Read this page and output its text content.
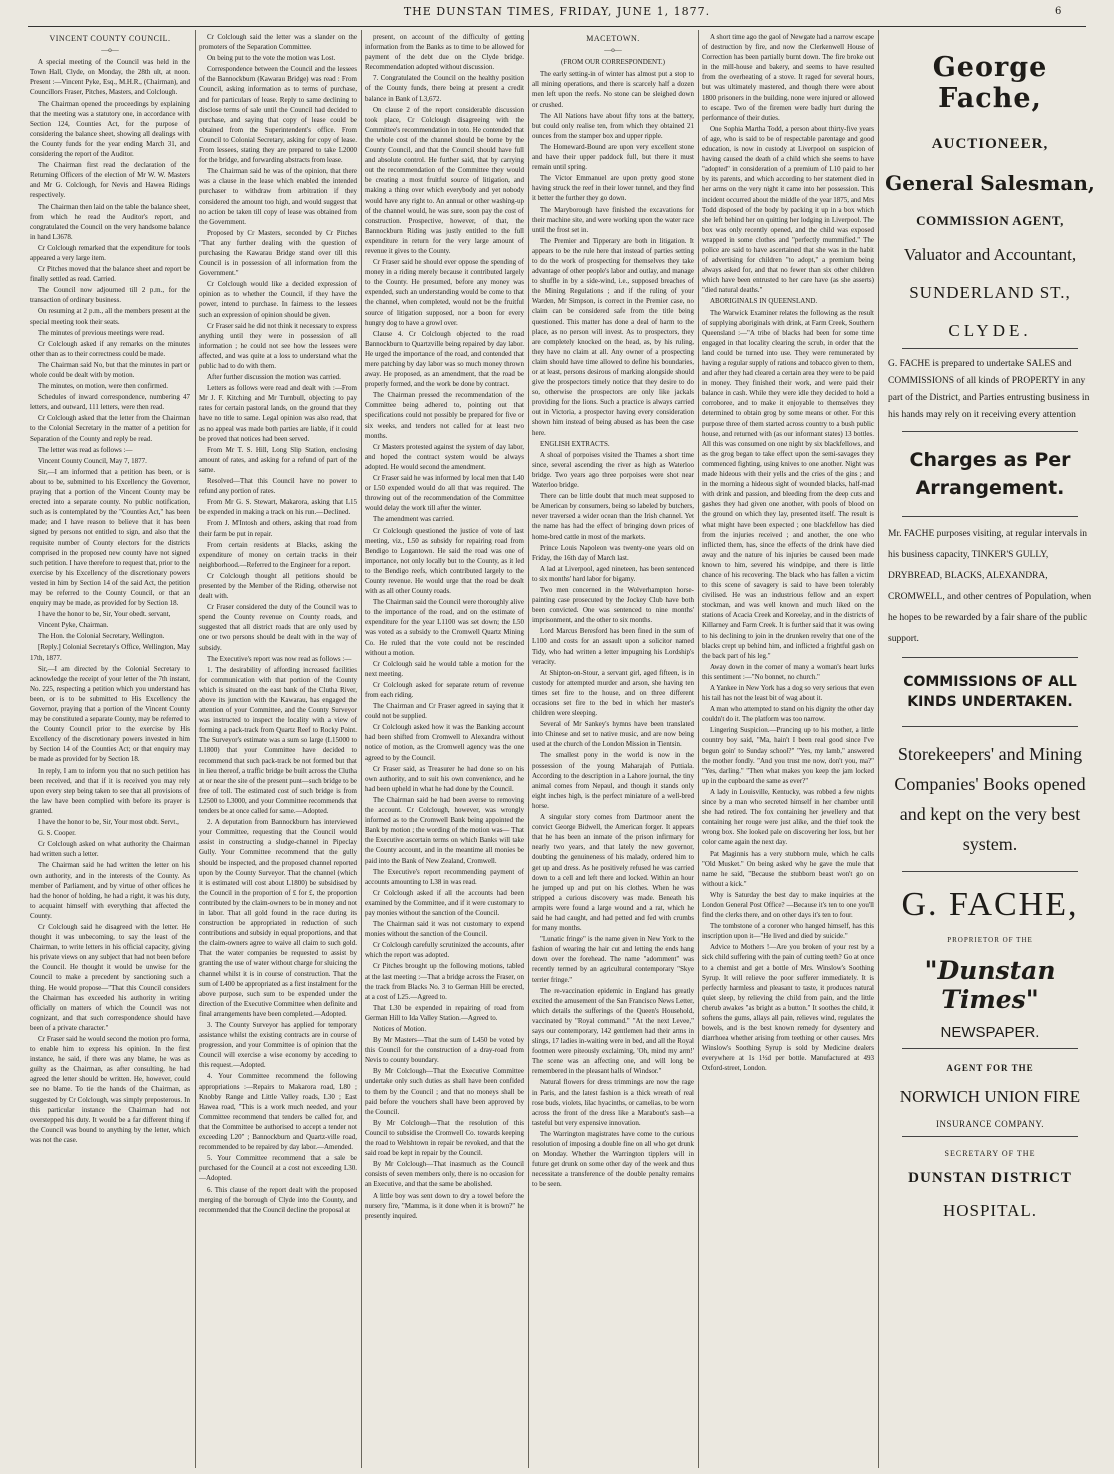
THE DUNSTAN TIMES, FRIDAY, JUNE 1, 1877.	6
VINCENT COUNTY COUNCIL.
—o—

A special meeting of the Council was held in the Town Hall, Clyde, on Monday, the 28th ult, at noon. Present :—Vincent Pyke, Esq., M.H.R., (Chairman), and Councillors Fraser, Pitches, Masters, and Colclough.

The Chairman opened the proceedings by explaining that the meeting was a statutory one, in accordance with Section 124, Counties Act, for the purpose of considering the balance sheet, showing all dealings with the County funds for the year ending March 31, and considering the report of the Auditor.

The Chairman first read the declaration of the Returning Officers of the election of Mr W. W. Masters and Mr G. Colclough, for Nevis and Hawea Ridings respectively.

The Chairman then laid on the table the balance sheet, from which he read the Auditor's report, and congratulated the Council on the very handsome balance in hand L3678.

Cr Colclough remarked that the expenditure for tools appeared a very large item.

Cr Pitches moved that the balance sheet and report be finally settled as read. Carried.

The Council now adjourned till 2 p.m., for the transaction of ordinary business.

On resuming at 2 p.m., all the members present at the special meeting took their seats.

The minutes of previous meetings were read.

Cr Colclough asked if any remarks on the minutes other than as to their correctness could be made.

The Chairman said No, but that the minutes in part or whole could be dealt with by motion.

The minutes, on motion, were then confirmed.

Schedules of inward correspondence, numbering 47 letters, and outward, 111 letters, were then read.

Cr Colclough asked that the letter from the Chairman to the Colonial Secretary in the matter of a petition for Separation of the County and reply be read.

The letter was read as follows :—

Vincent County Council, May 7, 1877.

Sir,—I am informed that a petition has been, or is about to be, submitted to his Excellency the Governor, praying that a portion of the Vincent County may be erected into a separate county. No public notification, such as is contemplated by the "Counties Act," has been made; and I have reason to believe that it has been signed by persons not entitled to sign, and also that the requisite number of County electors for the districts comprised in the proposed new county have not signed such petition. I have therefore to request that, prior to the exercise by his Excellency of the discretionary powers vested in him by Section 14 of the said Act, the petition may be referred to the County Council, or that an enquiry may be made, as provided for by Section 18.

I have the honor to be, Sir, Your obedt. servant,

Vincent Pyke, Chairman.

The Hon. the Colonial Secretary, Wellington.

[Reply.] Colonial Secretary's Office, Wellington, May 17th, 1877.

Sir,—I am directed by the Colonial Secretary to acknowledge the receipt of your letter of the 7th instant, No. 225, respecting a petition which you understand has been, or is to be submitted to His Excellency the Governor, praying that a portion of the Vincent County may be constituted a separate County, may be referred to the County Council prior to the exercise by His Excellency of the discretionary powers invested in him by Section 14 of the Counties Act; or that enquiry may be made as provided for by Section 18.

In reply, I am to inform you that no such petition has been received, and that if it is received you may rely upon every step being taken to see that all provisions of the law have been complied with before its prayer is granted.

I have the honor to be, Sir, Your most obdt. Servt.,

G. S. Cooper.

Cr Colclough asked on what authority the Chairman had written such a letter.

The Chairman said he had written the letter on his own authority, and in the interests of the County. As member of Parliament, and by virtue of other offices he had the honor of holding, he had a right, it was his duty, to acquaint himself with everything that affected the County.

Cr Colclough said he disagreed with the letter. He thought it was unbecoming, to say the least of the Chairman, to write letters in his official capacity, giving his private views on any subject that had not been before the Council. He thought it would be unwise for the Council to make a precedent by sanctioning such a thing. He would propose—"That this Council considers the Chairman has exceeded his authority in writing officially on matters of which the Council was not cognizant, and that such correspondence should have been of a private character."

Cr Fraser said he would second the motion pro forma, to enable him to express his opinion. In the first instance, he said, if there was any blame, he was as guilty as the Chairman, as after consulting, he had agreed the letter should be written. He, however, could see no blame. To tie the hands of the Chairman, as suggested by Cr Colclough, was simply preposterous. In this particular instance the Chairman had not overstepped his duty. It would be a far different thing if the Council was bound to anything by the letter, which was not the case.

Cr Colclough said the letter was a slander on the promoters of the Separation Committee.

On being put to the vote the motion was Lost.

Correspondence between the Council and the lessees of the Bannockburn (Kawarau Bridge) was read : From Council, asking information as to terms of purchase, and for particulars of lease. Reply to same declining to disclose terms of sale until the Council had decided to purchase, and saying that copy of lease could be obtained from the Superintendent's office. From Council to Colonial Secretary, asking for copy of lease. From lessees, stating they are prepared to take L2000 for the bridge, and forwarding abstracts from lease.

The Chairman said he was of the opinion, that there was a clause in the lease which enabled the intended purchaser to withdraw from arbitration if they considered the amount too high, and would suggest that no action be taken till copy of lease was obtained from the Government.

Proposed by Cr Masters, seconded by Cr Pitches "That any further dealing with the question of purchasing the Kawarau Bridge stand over till this Council is in possession of all information from the Government."

Cr Colclough would like a decided expression of opinion as to whether the Council, if they have the power, intend to purchase. In fairness to the lessees such an expression of opinion should be given.

Cr Fraser said he did not think it necessary to express anything until they were in possession of all information ; he could not see how the lessees were affected, and was quite at a loss to understand what the public had to do with them.

After further discussion the motion was carried.

Letters as follows were read and dealt with :—From Mr J. F. Kitching and Mr Turnbull, objecting to pay rates for certain pastoral lands, on the ground that they have no title to same. Legal opinion was also read, that as no appeal was made both parties are liable, if it could be proved that notices had been served.

From Mr T. S. Hill, Long Slip Station, enclosing amount of rates, and asking for a refund of part of the same.

Resolved—That this Council have no power to refund any portion of rates.

From Mr G. S. Stewart, Makarora, asking that L15 be expended in making a track on his run.—Declined.

From J. M'Intosh and others, asking that road from their farm be put in repair.

From certain residents at Blacks, asking the expenditure of money on certain tracks in their neighborhood.—Referred to the Engineer for a report.

Cr Colclough thought all petitions should be presented by the Member of the Riding, otherwise not dealt with.

Cr Fraser considered the duty of the Council was to spend the County revenue on County roads, and suggested that all district roads that are only used by one or two persons should be dealt with in the way of subsidy.

The Executive's report was now read as follows :—

1. The desirability of affording increased facilities for communication with that portion of the County which is situated on the east bank of the Clutha River, above its junction with the Kawarau, has engaged the attention of your Committee, and the County Surveyor was instructed to inspect the locality with a view of forming a pack-track from Quartz Reef to Rocky Point. The Surveyor's estimate was a sum so large (L15000 to L1800) that your Committee have decided to recommend that such pack-track be not formed but that in lieu thereof, a traffic bridge be built across the Clutha at or near the site of the present punt—such bridge to be free of toll. The estimated cost of such bridge is from L2500 to L3000, and your Committee recommends that tenders be at once called for same.—Adopted.

2. A deputation from Bannockburn has interviewed your Committee, requesting that the Council would assist in constructing a sludge-channel in Pipeclay Gully. Your Committee recommend that the gully should be inspected, and the proposed channel reported upon by the County Surveyor. That the channel (which it is estimated will cost about L1800) be subsidised by the Council in the proportion of £ for £, the proportion contributed by the claim-owners to be in money and not in labor. That all gold found in the race during its construction be appropriated in reduction of such contributions and subsidy in equal proportions, and that the claim-owners agree to waive all claim to such gold. That the water companies be requested to assist by granting the use of water without charge for sluicing the channel whilst it is in course of construction. That the sum of L400 be appropriated as a first instalment for the above purpose, such sum to be expended under the direction of the Executive Committee when definite and final arrangements have been completed.—Adopted.

3. The County Surveyor has applied for temporary assistance whilst the existing contracts are in course of progression, and your Committee is of opinion that the Council will exercise a wise economy by acceding to this request.—Adopted.

4. Your Committee recommend the following appropriations :—Repairs to Makarora road, L80 ; Knobby Range and Little Valley roads, L30 ; East Hawea road, "This is a work much needed, and your Committee recommend that tenders be called for, and that the Committee be authorised to accept a tender not exceeding L20" ; Bannockburn and Quartz-ville road, recommended to be repaired by day labor.—Amended.

5. Your Committee recommend that a sale be purchased for the Council at a cost not exceeding L30.—Adopted.

6. This clause of the report dealt with the proposed merging of the borough of Clyde into the County, and recommended that the Council decline the proposal at

present, on account of the difficulty of getting information from the Banks as to time to be allowed for payment of the debt due on the Clyde bridge. Recommendation adopted without discussion.

7. Congratulated the Council on the healthy position of the County funds, there being at present a credit balance in Bank of L3,672.

On clause 2 of the report considerable discussion took place, Cr Colclough disagreeing with the Committee's recommendation in toto. He contended that the whole cost of the channel should be borne by the County Council, and that the Council should have full and absolute control. He further said, that by carrying out the recommendation of the Committee they would be creating a most fruitful source of litigation, and making a thing over which everybody and yet nobody would have any right to. An annual or other washing-up of the channel would, he was sure, soon pay the cost of construction. Prospective, however, of that, the Bannockburn Riding was justly entitled to the full expenditure in return for the very large amount of revenue it gives to the County.

Cr Fraser said he should ever oppose the spending of money in a riding merely because it contributed largely to the County. He presumed, before any money was expended, such an understanding would be come to that the channel, when completed, would not be the fruitful source of litigation supposed, nor a boon for every hungry dog to have a growl over.

Clause 4. Cr Colclough objected to the road Bannockburn to Quartzville being repaired by day labor. He urged the importance of the road, and contended that mere patching by day labor was so much money thrown away. He proposed, as an amendment, that the road be properly formed, and the work be done by contract.

The Chairman pressed the recommendation of the Committee being adhered to, pointing out that specifications could not possibly be prepared for five or six weeks, and tenders not called for at least two months.

Cr Masters protested against the system of day labor, and hoped the contract system would be always adopted. He would second the amendment.

Cr Fraser said he was informed by local men that L40 or L50 expended would do all that was required. The throwing out of the recommendation of the Committee would delay the work till after the winter.

The amendment was carried.

Cr Colclough questioned the justice of vote of last meeting, viz., L50 as subsidy for repairing road from Bendigo to Logantown. He said the road was one of importance, not only locally but to the County, as it led to the Bendigo reefs, which contributed largely to the County revenue. He would urge that the road be dealt with as all other County roads.

The Chairman said the Council were thoroughly alive to the importance of the road, and on the estimate of expenditure for the year L1100 was set down; the L50 was voted as a subsidy to the Cromwell Quartz Mining Co. He ruled that the vote could not be rescinded without a motion.

Cr Colclough said he would table a motion for the next meeting.

Cr Colclough asked for separate return of revenue from each riding.

The Chairman and Cr Fraser agreed in saying that it could not be supplied.

Cr Colclough asked how it was the Banking account had been shifted from Cromwell to Alexandra without notice of motion, as the Cromwell agency was the one agreed to by the Council.

Cr Fraser said, as Treasurer he had done so on his own authority, and to suit his own convenience, and he had been upheld in what he had done by the Council.

The Chairman said he had been averse to removing the account. Cr Colclough, however, was wrongly informed as to the Cromwell Bank being appointed the Bank by motion ; the wording of the motion was— That the Executive ascertain terms on which Banks will take the County account, and in the meantime all monies be paid into the Bank of New Zealand, Cromwell.

The Executive's report recommending payment of accounts amounting to L38 in was read.

Cr Colclough asked if all the accounts had been examined by the Committee, and if it were customary to pay monies without the sanction of the Council.

The Chairman said it was not customary to expend monies without the sanction of the Council.

Cr Colclough carefully scrutinized the accounts, after which the report was adopted.

Cr Pitches brought up the following motions, tabled at the last meeting :—That a bridge across the Fraser, on the track from Blacks No. 3 to German Hill be erected, at a cost of L25.—Agreed to.

That L30 be expended in repairing of road from German Hill to Ida Valley Station.—Agreed to.

Notices of Motion.

By Mr Masters—That the sum of L450 be voted by this Council for the construction of a dray-road from Nevis to county boundary.

By Mr Colclough—That the Executive Committee undertake only such duties as shall have been confided to them by the Council ; and that no moneys shall be paid before the vouchers shall have been approved by the Council.

By Mr Colclough—That the resolution of this Council to subsidise the Cromwell Co. towards keeping the road to Welshtown in repair be revoked, and that the said road be kept in repair by the Council.

By Mr Colclough—That inasmuch as the Council consists of seven members only, there is no occasion for an Executive, and that the same be abolished.

A little boy was sent down to dry a towel before the nursery fire, "Mamma, is it done when it is brown?" he presently inquired.

MACETOWN.
—o—
(FROM OUR CORRESPONDENT.)

The early setting-in of winter has almost put a stop to all mining operations, and there is scarcely half a dozen men left upon the reefs. No stone can be sleighed down or crushed.

The All Nations have about fifty tons at the battery, but could only realise ten, from which they obtained 21 ounces from the stamper box and upper ripple.

The Homeward-Bound are upon very excellent stone and have their upper paddock full, but there it must remain until spring.

The Victor Emmanuel are upon pretty good stone having struck the reef in their lower tunnel, and they find it better the further they go down.

The Maryborough have finished the excavations for their machine site, and were working upon the water race until the frost set in.

The Premier and Tipperary are both in litigation. It appears to be the rule here that instead of parties setting to do the work of prospecting for themselves they take advantage of other people's labor and outlay, and manage to shuffle in by a side-wind, i.e., supposed breaches of the Mining Regulations ; and if the ruling of your Warden, Mr Simpson, is correct in the Premier case, no claim can be considered safe from the title being questioned. This matter has done a deal of harm to the place, as no person will invest. As to prospectors, they are completely knocked on the head, as, by his ruling, they have no claim at all. Any owner of a prospecting claim should have time allowed to define his boundaries, or at least, persons desirous of marking alongside should give the prospectors timely notice that they desire to do so, otherwise the prospectors are only like jackals providing for the lions. Such a practice is always carried out in Victoria, a prospector having every consideration shown him instead of being abused as has been the case here.

ENGLISH EXTRACTS.

A shoal of porpoises visited the Thames a short time since, several ascending the river as high as Waterloo bridge. Two years ago three porpoises were shot near Waterloo bridge.

There can be little doubt that much meat supposed to be American by consumers, being so labeled by butchers, never traversed a wider ocean than the Irish channel. Yet the name has had the effect of bringing down prices of home-bred cattle in most of the markets.

Prince Louis Napoleon was twenty-one years old on Friday, the 16th day of March last.

A lad at Liverpool, aged nineteen, has been sentenced to six months' hard labor for bigamy.

Two men concerned in the Wolverhampton horse-painting case prosecuted by the Jockey Club have both been convicted. One was sentenced to nine months' imprisonment, and the other to six months.

Lord Marcus Beresford has been fined in the sum of L100 and costs for an assault upon a solicitor named Tidy, who had written a letter impugning his Lordship's veracity.

At Shipton-on-Stour, a servant girl, aged fifteen, is in custody for attempted murder and arson, she having ten times set fire to the house, and on three different occasions set fire to the bed in which her master's children were sleeping.

Several of Mr Sankey's hymns have been translated into Chinese and set to native music, and are now being used at the church of the London Mission in Tientsin.

The smallest pony in the world is now in the possession of the young Maharajah of Puttiala. According to the description in a Lahore journal, the tiny animal comes from Nepaul, and though it stands only eight inches high, is the perfect miniature of a well-bred horse.

A singular story comes from Dartmoor anent the convict George Bidwell, the American forger. It appears that he has been an inmate of the prison infirmary for nearly two years, and that lately the new governor, doubting the genuineness of his malady, ordered him to get up and dress. As he positively refused he was carried down to a cell and left there and locked. Within an hour he jumped up and put on his clothes. When he was stripped a curious discovery was made. Beneath his armpits were found a large wound and a rat, which he said he had caught, and had petted and fed with crumbs for many months.

"Lunatic fringe" is the name given in New York to the fashion of wearing the hair cut and letting the ends hang down over the forehead. The name "adornment" was recently termed by an agricultural contemporary "Skye terrier fringe."

The re-vaccination epidemic in England has greatly excited the amusement of the San Francisco News Letter, which details the sufferings of the Queen's Household, vaccinated by "Royal command." "At the next Levee," says our contemporary, 142 gentlemen had their arms in slings, 17 ladies in-waiting were in bed, and all the Royal footmen were piteously exclaiming, 'Oh, mind my arm!' The scene was an affecting one, and will long be remembered in the pleasant halls of Windsor."

Natural flowers for dress trimmings are now the rage in Paris, and the latest fashion is a thick wreath of real rose buds, violets, lilac hyacinths, or camelias, to be worn across the front of the dress like a Marabout's sash—a tasteful but very expensive innovation.

The Warrington magistrates have come to the curious resolution of imposing a double fine on all who get drunk on Monday. Whether the Warrington tipplers will in future get drunk on some other day of the week and thus necessitate a transference of the double penalty remains to be seen.

A short time ago the gaol of Newgate had a narrow escape of destruction by fire, and now the Clerkenwell House of Correction has been partially burnt down. The fire broke out in the mill-house and bakery, and seems to have resulted from the overheating of a stove. It raged for several hours, but was ultimately mastered, and though there were about 1800 prisoners in the building, none were injured or allowed to escape. Two of the firemen were badly hurt during the performance of their duties.

One Sophia Martha Todd, a person about thirty-five years of age, who is said to be of respectable parentage and good education, is now in custody at Liverpool on suspicion of having caused the death of a child which she seems to have "adopted" in consideration of a premium of L10 paid to her by its parents, and which according to her statement died in her arms on the very night it came into her possession. This incident occurred about the middle of the year 1875, and Mrs Todd disposed of the body by packing it up in a box which she left behind her on quitting her lodging in Liverpool. The box was only recently opened, and the child was exposed wrapped in some clothes and "perfectly mummified." The police are said to have ascertained that she was in the habit of advertising for children "to adopt," a premium being always asked for, and that no fewer than six other children which have been entrusted to her care have (as she asserts) "died natural deaths."

ABORIGINALS IN QUEENSLAND.

The Warwick Examiner relates the following as the result of supplying aboriginals with drink, at Farm Creek, Southern Queensland :—"A tribe of blacks had been for some time engaged in that locality clearing the scrub, in order that the land could be turned into use. They were remunerated by having a regular supply of rations and tobacco given to them, and after they had cleared a certain area they were to be paid in money. They finished their work, and were paid their balance in cash. While they were idle they decided to hold a corroboree, and to make it enjoyable to themselves they determined to obtain grog by some means or other. For this purpose three of them started across country to a bush public house, and returned with (as our informant states) 13 bottles. All this was consumed on one night by six blackfellows, and as the grog began to take effect upon the semi-savages they commenced fighting, using knives to one another. Night was made hideous with their yells and the cries of the gins ; and in the morning a hideous sight of wounded blacks, half-mad with drink and passion, and bleeding from the deep cuts and gashes they had given one another, with pools of blood on the ground on which they lay, presented itself. The result is what might have been expected ; one blackfellow has died from the injuries received ; and another, the one who inflicted them, has, since the effects of the drink have died away and the nature of his injuries be caused been made known to him, severed his windpipe, and there is little chance of his recovering. The black who has fallen a victim to this scene of savagery is said to have been tolerably civilised. He was an industrious fellow and an expert stockman, and was well known and much liked on the stations of Acacia Creek and Koreelay, and in the districts of Killarney and Farm Creek. It is further said that it was owing to his declining to join in the drunken revelry that one of the blacks crept up behind him, and inflicted a frightful gash on the back part of his leg."

Away down in the corner of many a woman's heart lurks this sentiment :—"No bonnet, no church."

A Yankee in New York has a dog so very serious that even his tail has not the least bit of wag about it.

A man who attempted to stand on his dignity the other day couldn't do it. The platform was too narrow.

Lingering Suspicion.—Prancing up to his mother, a little country boy said, "Ma, hain't I been real good since I've begun goin' to Sunday school?" "Yes, my lamb," answered the mother fondly. "And you trust me now, don't you, ma?" "Yes, darling." "Then what makes you keep the jam locked up in the cupboard the same as ever?"

A lady in Louisville, Kentucky, was robbed a few nights since by a man who secreted himself in her chamber until she had retired. The fox containing her jewellery and that containing her rouge were just alike, and the thief took the wrong box. She looked pale on discovering her loss, but her color came again the next day.

Pat Maginnis has a very stubborn mule, which he calls "Old Musket." On being asked why he gave the mule that name he said, "Because the stubborn beast won't go on without a kick."

Why is Saturday the best day to make inquiries at the London General Post Office? —Because it's ten to one you'll find the clerks there, and on other days it's ten to four.

The tombstone of a coroner who hanged himself, has this inscription upon it—"He lived and died by suicide."

Advice to Mothers !—Are you broken of your rest by a sick child suffering with the pain of cutting teeth? Go at once to a chemist and get a bottle of Mrs. Winslow's Soothing Syrup. It will relieve the poor sufferer immediately. It is perfectly harmless and pleasant to taste, it produces natural quiet sleep, by relieving the child from pain, and the little cherub awakes "as bright as a button." It soothes the child, it softens the gums, allays all pain, relieves wind, regulates the bowels, and is the best known remedy for dysentery and diarrhoea whether arising from teething or other causes. Mrs Winslow's Soothing Syrup is sold by Medicine dealers everywhere at 1s 1½d per bottle. Manufactured at 493 Oxford-street, London.

George Fache,
AUCTIONEER,
General Salesman,
COMMISSION AGENT,
Valuator and Accountant,
SUNDERLAND ST.,
CLYDE.

G. FACHE is prepared to undertake SALES and COMMISSIONS of all kinds of PROPERTY in any part of the District, and Parties entrusting business in his hands may rely on it receiving every attention

Charges as Per Arrangement.

Mr. FACHE purposes visiting, at regular intervals in his business capacity, TINKER'S GULLY, DRYBREAD, BLACKS, ALEXANDRA, CROMWELL, and other centres of Population, when he hopes to be rewarded by a fair share of the public support.

COMMISSIONS OF ALL KINDS UNDERTAKEN.
Storekeepers' and Mining Companies' Books opened and kept on the very best system.
G. FACHE,
PROPRIETOR OF THE
"Dunstan Times"
NEWSPAPER.
AGENT FOR THE
NORWICH UNION FIRE
INSURANCE COMPANY.
SECRETARY OF THE
DUNSTAN DISTRICT
HOSPITAL.
